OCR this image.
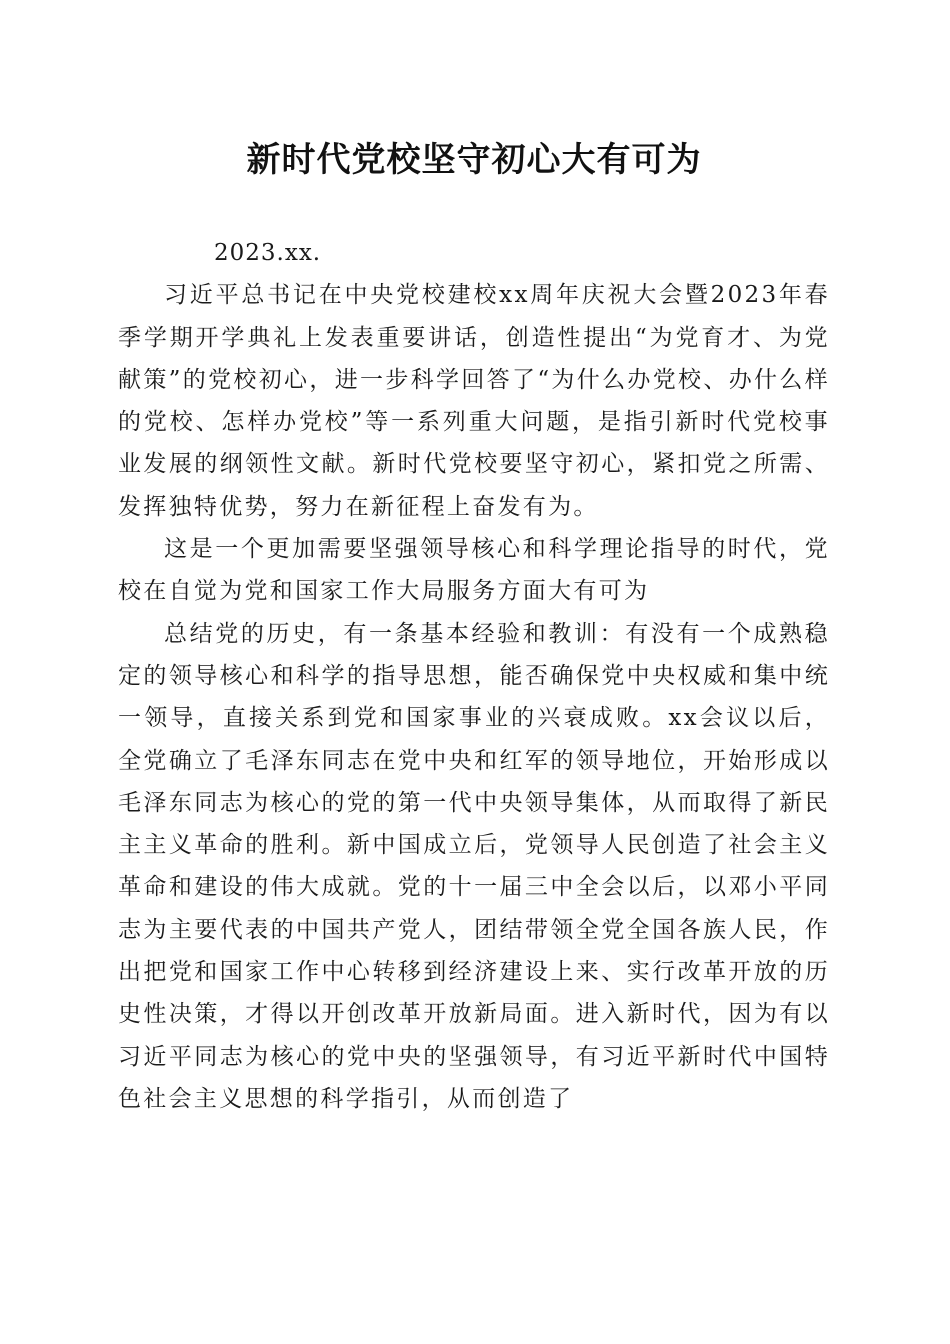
新时代党校坚守初心大有可为

2023.xx.

习近平总书记在中央党校建校xx周年庆祝大会暨2023年春季学期开学典礼上发表重要讲话，创造性提出“为党育才、为党献策”的党校初心，进一步科学回答了“为什么办党校、办什么样的党校、怎样办党校”等一系列重大问题，是指引新时代党校事业发展的纲领性文献。新时代党校要坚守初心，紧扣党之所需、发挥独特优势，努力在新征程上奋发有为。

这是一个更加需要坚强领导核心和科学理论指导的时代，党校在自觉为党和国家工作大局服务方面大有可为

总结党的历史，有一条基本经验和教训：有没有一个成熟稳定的领导核心和科学的指导思想，能否确保党中央权威和集中统一领导，直接关系到党和国家事业的兴衰成败。xx会议以后，全党确立了毛泽东同志在党中央和红军的领导地位，开始形成以毛泽东同志为核心的党的第一代中央领导集体，从而取得了新民主主义革命的胜利。新中国成立后，党领导人民创造了社会主义革命和建设的伟大成就。党的十一届三中全会以后，以邓小平同志为主要代表的中国共产党人，团结带领全党全国各族人民，作出把党和国家工作中心转移到经济建设上来、实行改革开放的历史性决策，才得以开创改革开放新局面。进入新时代，因为有以习近平同志为核心的党中央的坚强领导，有习近平新时代中国特色社会主义思想的科学指引，从而创造了
